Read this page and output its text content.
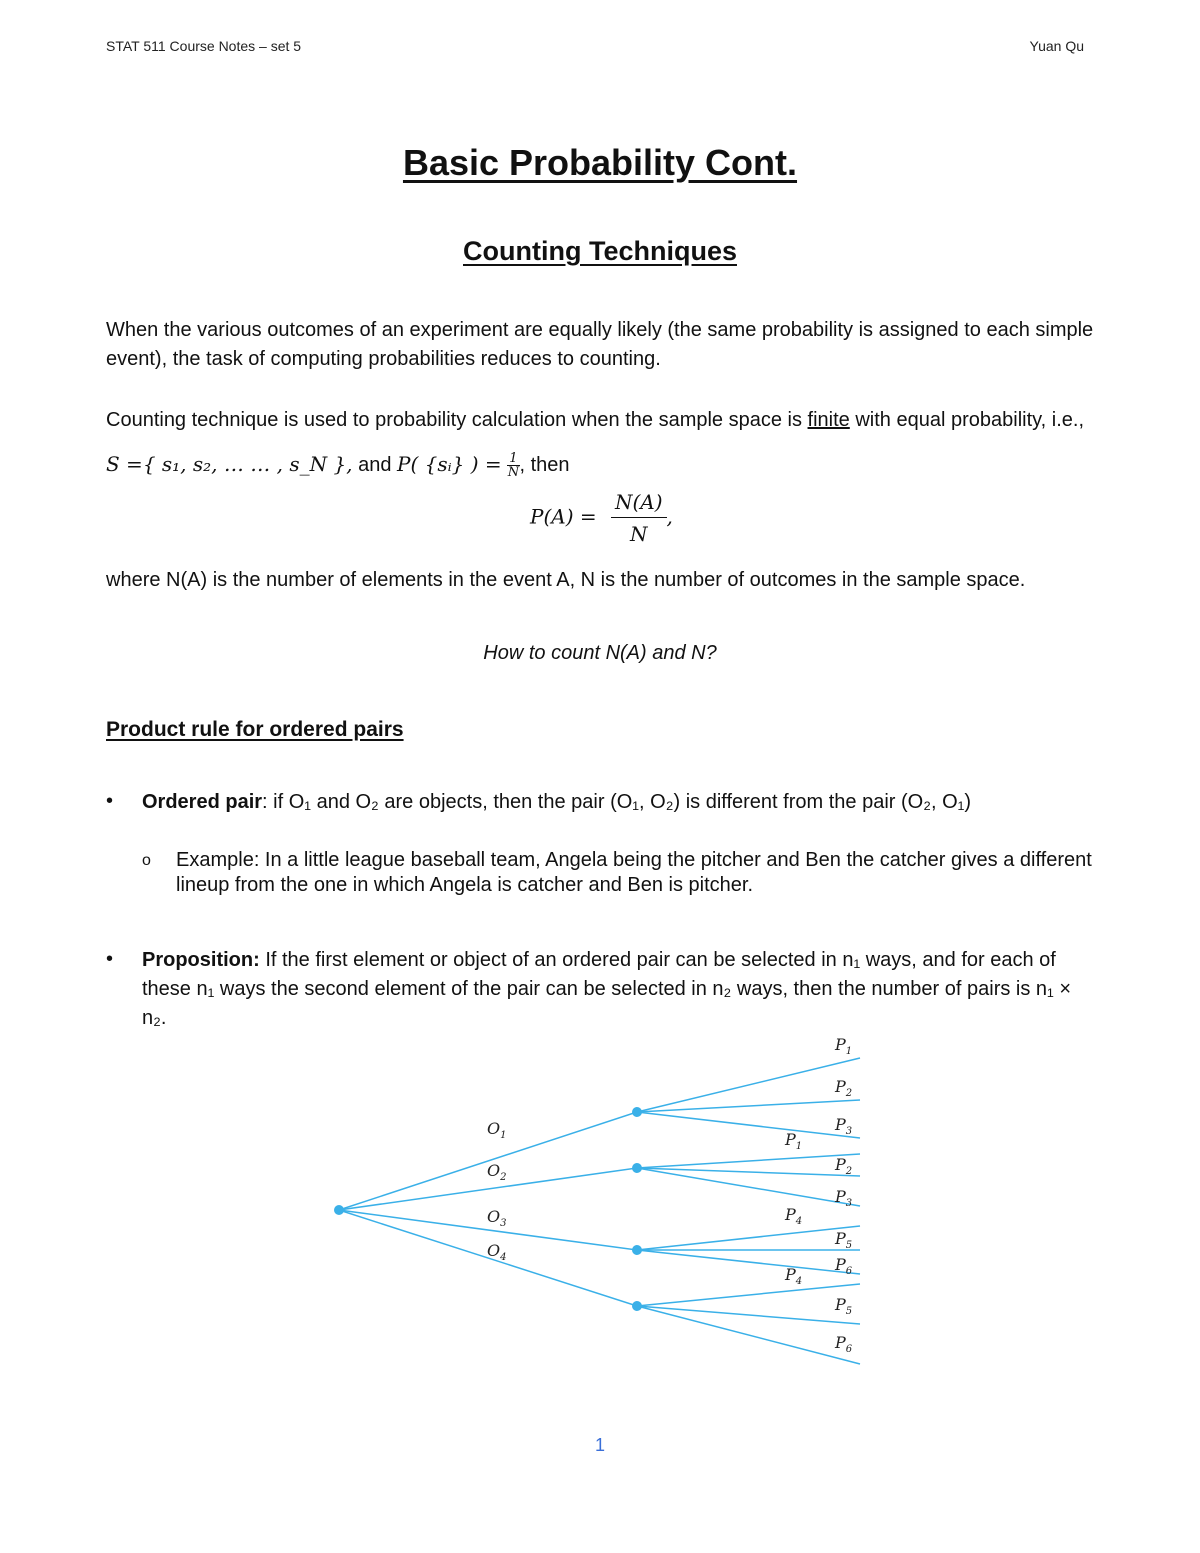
STAT 511 Course Notes – set 5	Yuan Qu
Basic Probability Cont.
Counting Techniques
When the various outcomes of an experiment are equally likely (the same probability is assigned to each simple event), the task of computing probabilities reduces to counting.
Counting technique is used to probability calculation when the sample space is finite with equal probability, i.e., 𝑆 ={ 𝑠₁, 𝑠₂, … … , 𝑠_N }, and 𝑃( {𝑠ᵢ} ) = $\frac{1}{N}$ , then
$P(A) = \frac{N(A)}{N}$ ,
where N(A) is the number of elements in the event A, N is the number of outcomes in the sample space.
How to count N(A) and N?
Product rule for ordered pairs
• Ordered pair: if O₁ and O₂ are objects, then the pair (O₁, O₂) is different from the pair (O₂, O₁)
o Example: In a little league baseball team, Angela being the pitcher and Ben the catcher gives a different lineup from the one in which Angela is catcher and Ben is pitcher.
• Proposition: If the first element or object of an ordered pair can be selected in n₁ ways, and for each of these n₁ ways the second element of the pair can be selected in n₂ ways, then the number of pairs is n₁ × n₂.
$P_1$
$P_2$
$P_3$
$O_1$	$P_1$
$P_2$
$P_3$
$O_2$
$P_4$
$P_5$
$P_6$
$O_3$
$P_4$
$P_5$
$P_6$
$O_4$
1
